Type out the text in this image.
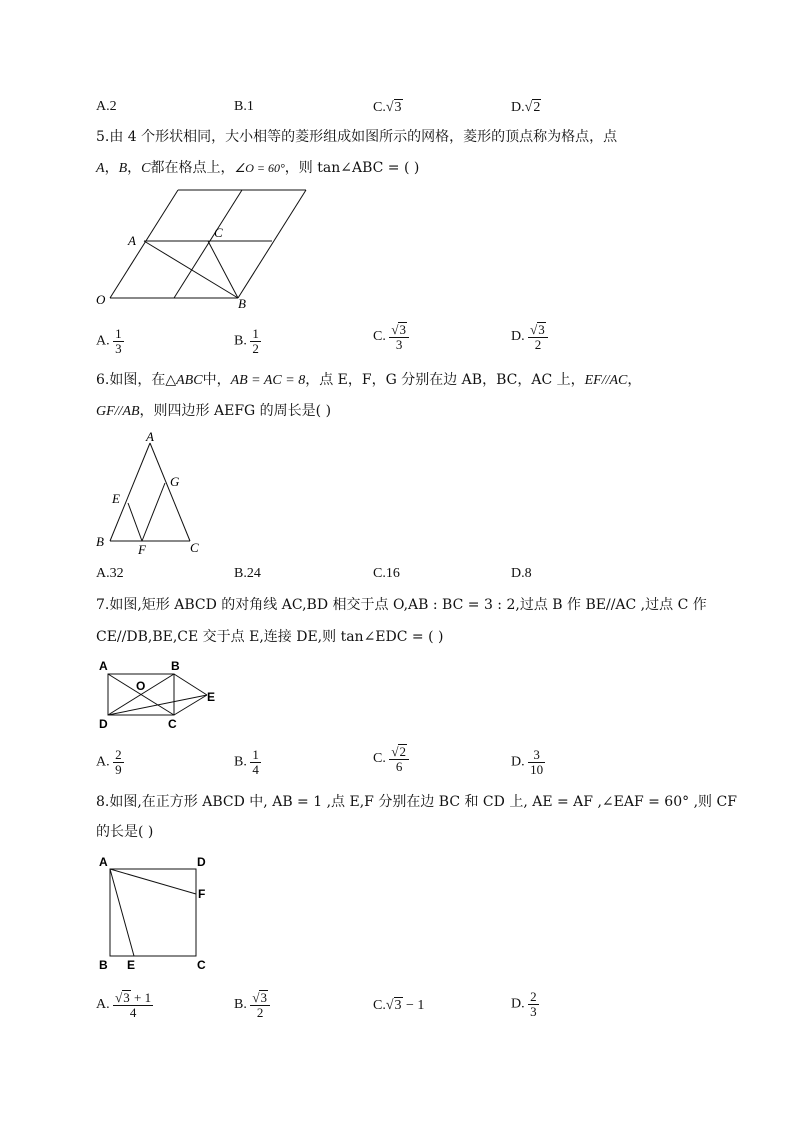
A.2	B.1	C.√3	D.√2
5.由 4 个形状相同，大小相等的菱形组成如图所示的网格，菱形的顶点称为格点，点
A，B，C都在格点上，∠O = 60°，则 tan∠ABC = ( )
A
C
O	B
A. $\frac{1}{3}$	B. $\frac{1}{2}$	C. $\frac{√3}{3}$	D. $\frac{√3}{2}$
6.如图，在△ABC中，AB = AC = 8，点 E，F，G 分别在边 AB，BC，AC 上，EF//AC，
GF//AB，则四边形 AEFG 的周长是( )
A
E
G
B
F	C
A.32	B.24	C.16	D.8
7.如图,矩形 ABCD 的对角线 AC,BD 相交于点 O,AB : BC = 3 : 2,过点 B 作 BE//AC ,过点 C 作
CE//DB,BE,CE 交于点 E,连接 DE,则 tan∠EDC = ( )
A	B
O
E
D	C
A. $\frac{2}{9}$	B. $\frac{1}{4}$	C. $\frac{√2}{6}$	D. $\frac{3}{10}$
8.如图,在正方形 ABCD 中, AB = 1 ,点 E,F 分别在边 BC 和 CD 上, AE = AF ,∠EAF = 60° ,则 CF
的长是( )
A	D
F
B E	C
A. $\frac{√3 + 1}{4}$	B. $\frac{√3}{2}$	C.√3 − 1	D. $\frac{2}{3}$
